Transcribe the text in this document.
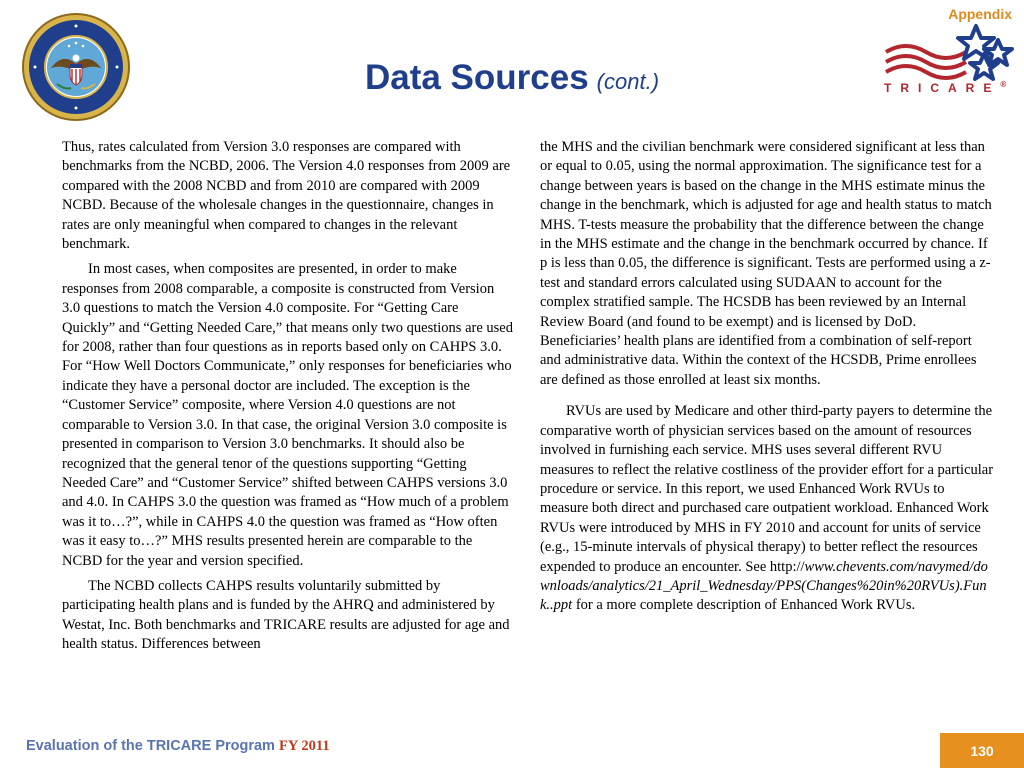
Appendix
Data Sources (cont.)	TRICARE®

Thus, rates calculated from Version 3.0 responses are compared with benchmarks from the NCBD, 2006. The Version 4.0 responses from 2009 are compared with the 2008 NCBD and from 2010 are compared with 2009 NCBD. Because of the wholesale changes in the questionnaire, changes in rates are only meaningful when compared to changes in the relevant benchmark.

In most cases, when composites are presented, in order to make responses from 2008 comparable, a composite is constructed from Version 3.0 questions to match the Version 4.0 composite. For “Getting Care Quickly” and “Getting Needed Care,” that means only two questions are used for 2008, rather than four questions as in reports based only on CAHPS 3.0. For “How Well Doctors Communicate,” only responses for beneficiaries who indicate they have a personal doctor are included. The exception is the “Customer Service” composite, where Version 4.0 questions are not comparable to Version 3.0. In that case, the original Version 3.0 composite is presented in comparison to Version 3.0 benchmarks. It should also be recognized that the general tenor of the questions supporting “Getting Needed Care” and “Customer Service” shifted between CAHPS versions 3.0 and 4.0. In CAHPS 3.0 the question was framed as “How much of a problem was it to…?”, while in CAHPS 4.0 the question was framed as “How often was it easy to…?” MHS results presented herein are comparable to the NCBD for the year and version specified.

The NCBD collects CAHPS results voluntarily submitted by participating health plans and is funded by the AHRQ and administered by Westat, Inc. Both benchmarks and TRICARE results are adjusted for age and health status. Differences between

the MHS and the civilian benchmark were considered significant at less than or equal to 0.05, using the normal approximation. The significance test for a change between years is based on the change in the MHS estimate minus the change in the benchmark, which is adjusted for age and health status to match MHS. T-tests measure the probability that the difference between the change in the MHS estimate and the change in the benchmark occurred by chance. If p is less than 0.05, the difference is significant. Tests are performed using a z-test and standard errors calculated using SUDAAN to account for the complex stratified sample. The HCSDB has been reviewed by an Internal Review Board (and found to be exempt) and is licensed by DoD. Beneficiaries’ health plans are identified from a combination of self-report and administrative data. Within the context of the HCSDB, Prime enrollees are defined as those enrolled at least six months.

RVUs are used by Medicare and other third-party payers to determine the comparative worth of physician services based on the amount of resources involved in furnishing each service. MHS uses several different RVU measures to reflect the relative costliness of the provider effort for a particular procedure or service. In this report, we used Enhanced Work RVUs to measure both direct and purchased care outpatient workload. Enhanced Work RVUs were introduced by MHS in FY 2010 and account for units of service (e.g., 15-minute intervals of physical therapy) to better reflect the resources expended to produce an encounter. See http://www.chevents.com/navymed/downloads/analytics/21_April_Wednesday/PPS(Changes%20in%20RVUs).Funk..ppt for a more complete description of Enhanced Work RVUs.

Evaluation of the TRICARE Program FY 2011	130
